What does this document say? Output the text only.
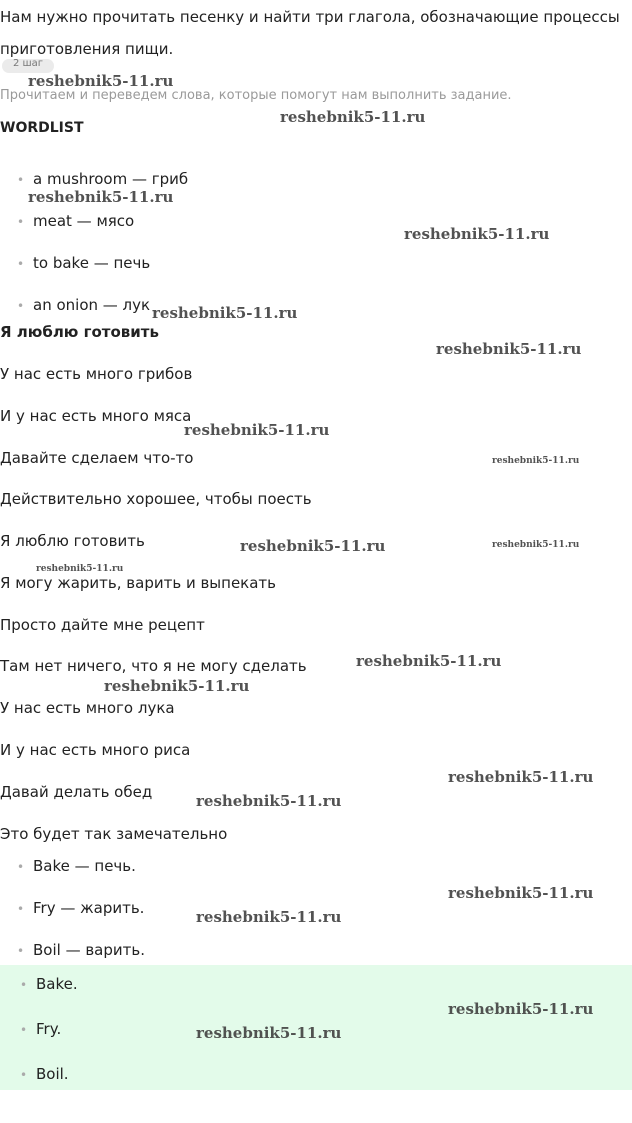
Нам нужно прочитать песенку и найти три глагола, обозначающие процессы
приготовления пищи.
2 шаг
Прочитаем и переведем слова, которые помогут нам выполнить задание.
WORDLIST
• a mushroom — гриб
• meat — мясо
• to bake — печь
• an onion — лук
Я люблю готовить
У нас есть много грибов
И у нас есть много мяса
Давайте сделаем что-то
Действительно хорошее, чтобы поесть
Я люблю готовить
Я могу жарить, варить и выпекать
Просто дайте мне рецепт
Там нет ничего, что я не могу сделать
У нас есть много лука
И у нас есть много риса
Давай делать обед
Это будет так замечательно
• Bake — печь.
• Fry — жарить.
• Boil — варить.
• Bake.
• Fry.
• Boil.
reshebnik5-11.ru
reshebnik5-11.ru
reshebnik5-11.ru
reshebnik5-11.ru
reshebnik5-11.ru
reshebnik5-11.ru
reshebnik5-11.ru
reshebnik5-11.ru
reshebnik5-11.ru	reshebnik5-11.ru
reshebnik5-11.ru
reshebnik5-11.ru
reshebnik5-11.ru
reshebnik5-11.ru
reshebnik5-11.ru
reshebnik5-11.ru
reshebnik5-11.ru
reshebnik5-11.ru
reshebnik5-11.ru
